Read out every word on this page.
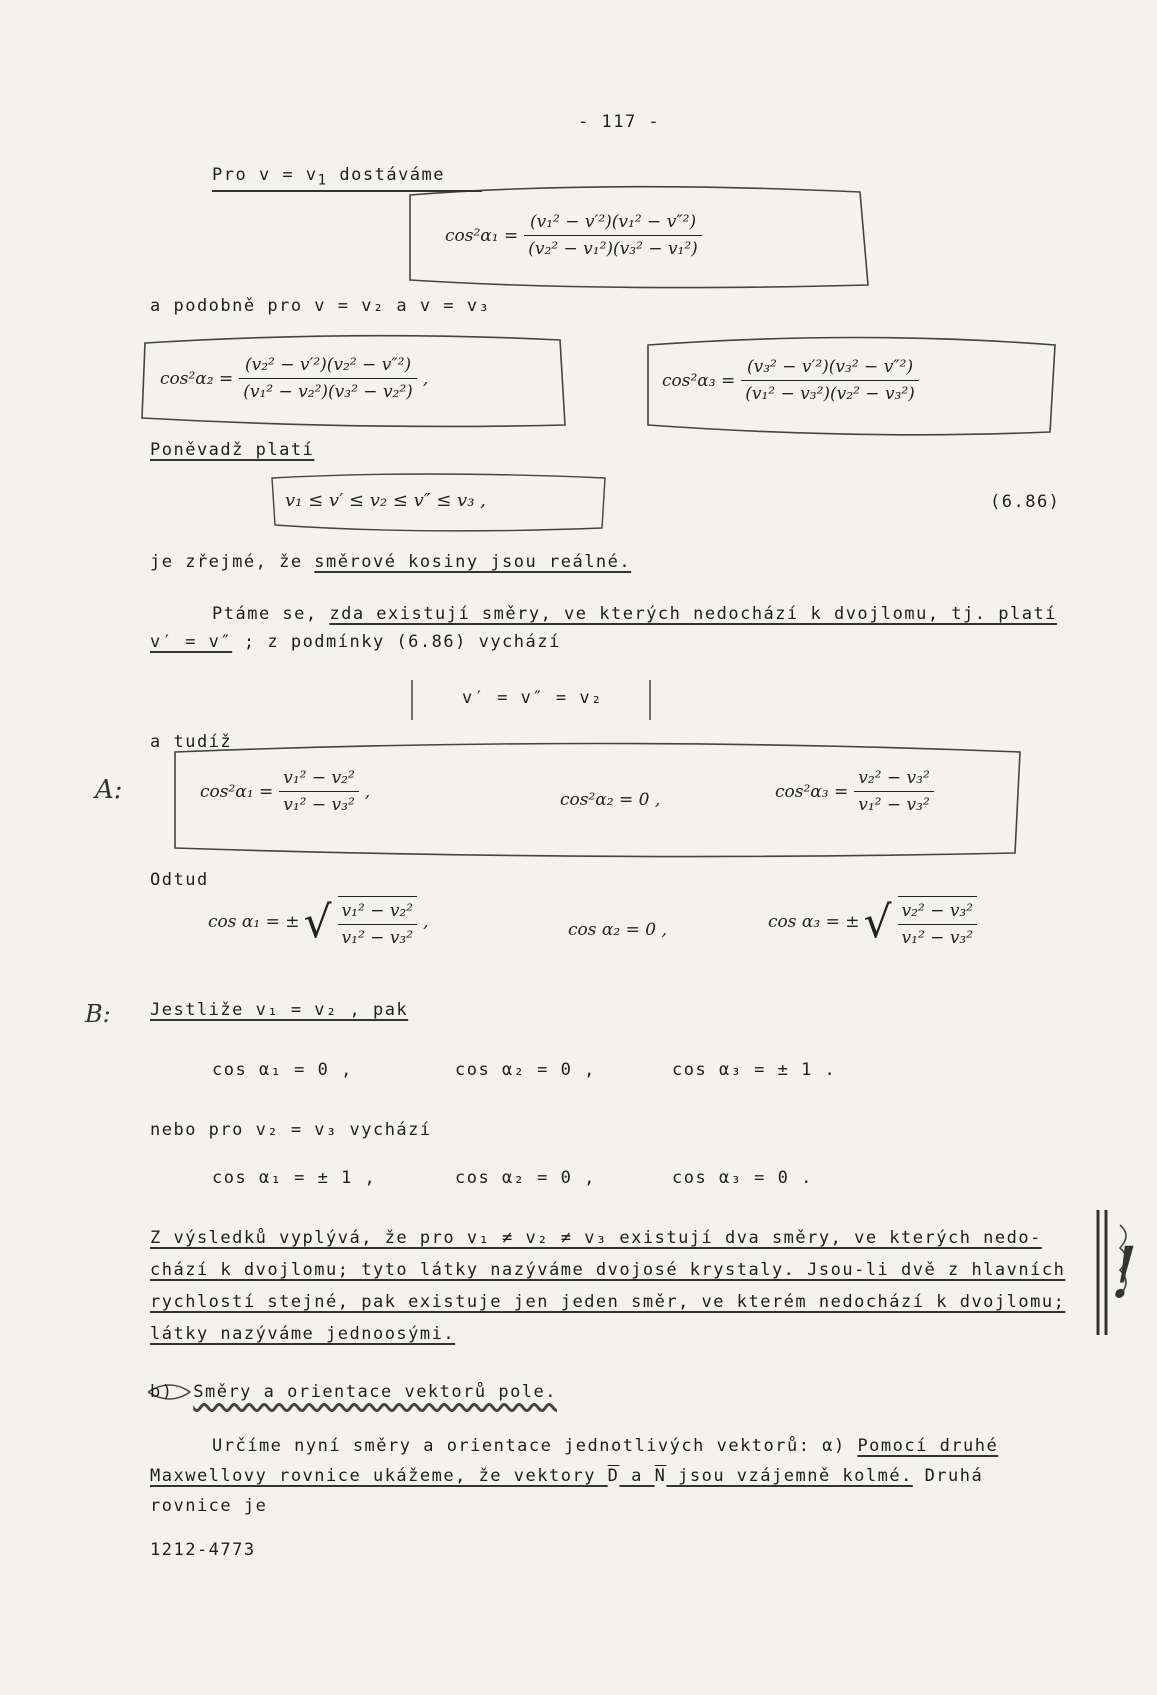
- 117 -
Pro $v = v_1$ dostáváme
$\cos^2\alpha_1 = \frac{\text{(v₁² − v′²)(v₁² − v″²)}}{\text{(v₂² − v₁²)(v₃² − v₁²)}}$
a podobně pro v = v₂ a v = v₃
$\cos^2\alpha_2 = \frac{\text{(v₂² − v′²)(v₂² − v″²)}}{\text{(v₁² − v₂²)(v₃² − v₂²)}}$ ,	$\cos^2\alpha_3 = \frac{\text{(v₃² − v′²)(v₃² − v″²)}}{\text{(v₁² − v₃²)(v₂² − v₃²)}}$
Poněvadž platí
v₁ ≤ v′ ≤ v₂ ≤ v″ ≤ v₃ ,	(6.86)
je zřejmé, že směrové kosiny jsou reálné.
Ptáme se, zda existují směry, ve kterých nedochází k dvojlomu, tj. platí
v′ = v″ ; z podmínky (6.86) vychází
v′ = v″ = v₂
a tudíž
A:	$\cos^2\alpha_1 = \frac{\text{v₁² − v₂²}}{\text{v₁² − v₃²}}$ ,	cos²α₂ = 0 ,	$\cos^2\alpha_3 = \frac{\text{v₂² − v₃²}}{\text{v₁² − v₃²}}$
Odtud
cos α₁ = ± √ $\frac{\text{v₁² − v₂²}}{\text{v₁² − v₃²}}$ ,	cos α₂ = 0 ,	cos α₃ = ± √ $\frac{\text{v₂² − v₃²}}{\text{v₁² − v₃²}}$
B: Jestliže v₁ = v₂ , pak
cos α₁ = 0 ,	cos α₂ = 0 ,	cos α₃ = ± 1 .
nebo pro v₂ = v₃ vychází
cos α₁ = ± 1 ,	cos α₂ = 0 ,	cos α₃ = 0 .
Z výsledků vyplývá, že pro v₁ ≠ v₂ ≠ v₃ existují dva směry, ve kterých nedo-
chází k dvojlomu; tyto látky nazýváme dvojosé krystaly. Jsou-li dvě z hlavních
rychlostí stejné, pak existuje jen jeden směr, ve kterém nedochází k dvojlomu;
látky nazýváme jednoosými.
!
b) Směry a orientace vektorů pole.
Určíme nyní směry a orientace jednotlivých vektorů: α) Pomocí druhé
Maxwellovy rovnice ukážeme, že vektory $\overline{D}$ a $\overline{N}$ jsou vzájemně kolmé. Druhá
rovnice je
1212-4773
